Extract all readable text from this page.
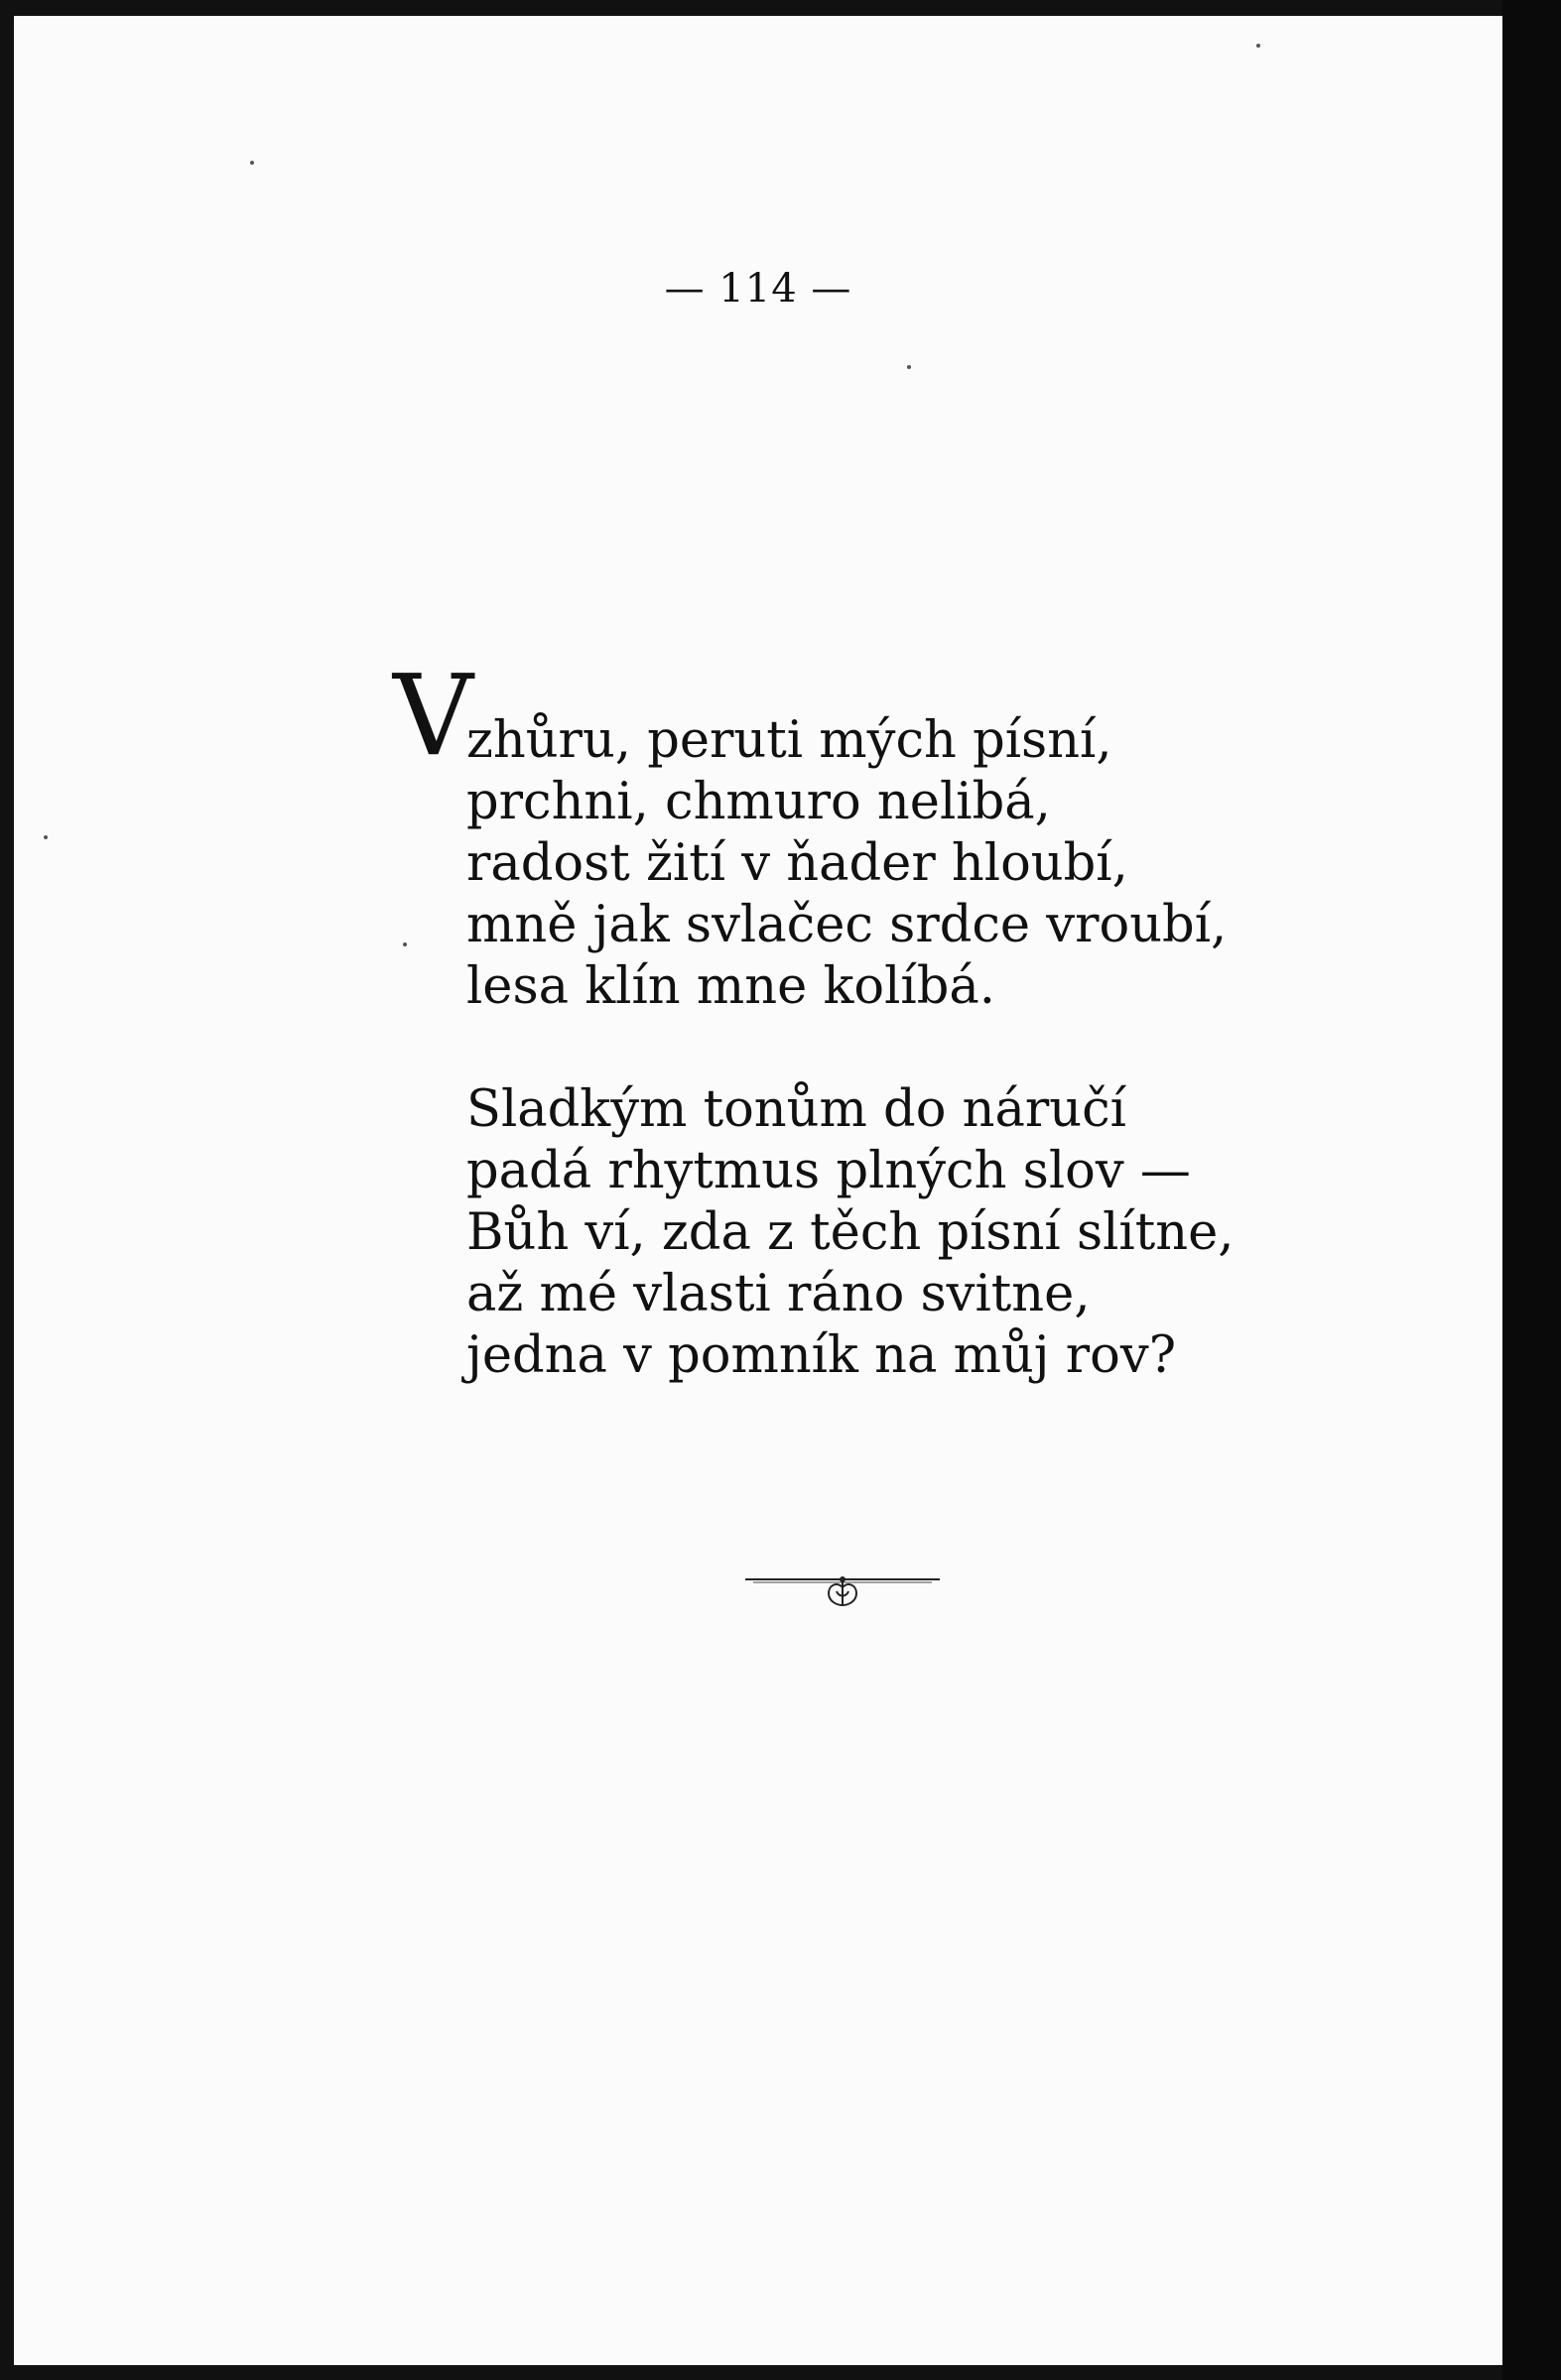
— 114 —
V
zhůru, peruti mých písní,
prchni, chmuro nelibá,
radost žití v ňader hloubí,
mně jak svlačec srdce vroubí,
lesa klín mne kolíbá.
Sladkým tonům do náručí
padá rhytmus plných slov —
Bůh ví, zda z těch písní slítne,
až mé vlasti ráno svitne,
jedna v pomník na můj rov?
